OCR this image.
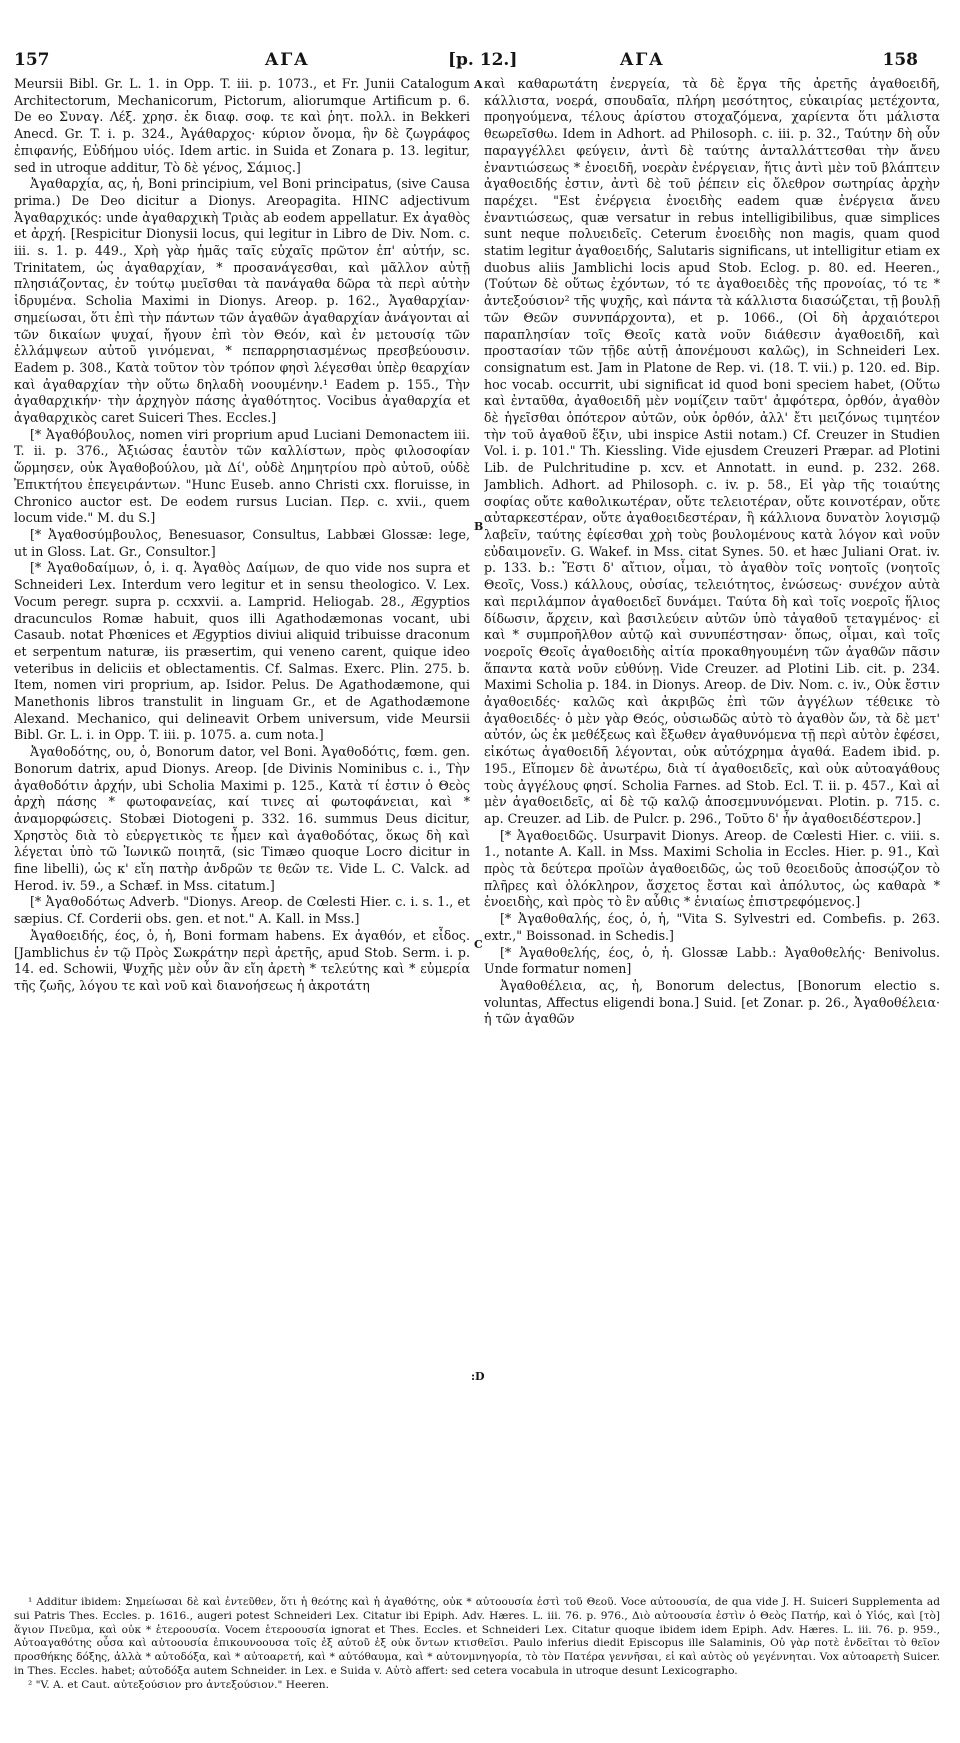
157	ΑΓΑ	[p. 12.]	ΑΓΑ	158

Meursii Bibl. Gr. L. 1. in Opp. T. iii. p. 1073., et Fr. Junii Catalogum Architectorum, Mechanicorum, Pictorum, aliorumque Artificum p. 6. De eo Συναγ. Λέξ. χρησ. ἐκ διαφ. σοφ. τε καὶ ῥητ. πολλ. in Bekkeri Anecd. Gr. T. i. p. 324., Ἀγάθαρχος· κύριον ὄνομα, ἣν δὲ ζωγράφος ἐπιφανής, Εὐδήμου υἱός. Idem artic. in Suida et Zonara p. 13. legitur, sed in utroque additur, Τὸ δὲ γένος, Σάμιος.]

Ἀγαθαρχία, ας, ἡ, Boni principium, vel Boni principatus, (sive Causa prima.) De Deo dicitur a Dionys. Areopagita. HINC adjectivum Ἀγαθαρχικός: unde ἀγαθαρχικὴ Τριὰς ab eodem appellatur. Ex ἀγαθὸς et ἀρχή. [Respicitur Dionysii locus, qui legitur in Libro de Div. Nom. c. iii. s. 1. p. 449., Χρὴ γὰρ ἡμᾶς ταῖς εὐχαῖς πρῶτον ἐπ' αὐτήν, sc. Trinitatem, ὡς ἀγαθαρχίαν, * προσανάγεσθαι, καὶ μᾶλλον αὐτῇ πλησιάζοντας, ἐν τούτῳ μυεῖσθαι τὰ πανάγαθα δῶρα τὰ περὶ αὐτὴν ἱδρυμένα. Scholia Maximi in Dionys. Areop. p. 162., Ἀγαθαρχίαν· σημείωσαι, ὅτι ἐπὶ τὴν πάντων τῶν ἀγαθῶν ἀγαθαρχίαν ἀνάγονται αἱ τῶν δικαίων ψυχαί, ἤγουν ἐπὶ τὸν Θεόν, καὶ ἐν μετουσίᾳ τῶν ἐλλάμψεων αὐτοῦ γινόμεναι, * πεπαρρησιασμένως πρεσβεύουσιν. Eadem p. 308., Κατὰ τοῦτον τὸν τρόπον φησὶ λέγεσθαι ὑπὲρ θεαρχίαν καὶ ἀγαθαρχίαν τὴν οὕτω δηλαδὴ νοουμένην.¹ Eadem p. 155., Τὴν ἀγαθαρχικήν· τὴν ἀρχηγὸν πάσης ἀγαθότητος. Vocibus ἀγαθαρχία et ἀγαθαρχικὸς caret Suiceri Thes. Eccles.]

[* Ἀγαθόβουλος, nomen viri proprium apud Luciani Demonactem iii. T. ii. p. 376., Ἀξιώσας ἑαυτὸν τῶν καλλίστων, πρὸς φιλοσοφίαν ὥρμησεν, οὐκ Ἀγαθοβούλου, μὰ Δί', οὐδὲ Δημητρίου πρὸ αὐτοῦ, οὐδὲ Ἐπικτήτου ἐπεγειράντων. "Hunc Euseb. anno Christi cxx. floruisse, in Chronico auctor est. De eodem rursus Lucian. Περ. c. xvii., quem locum vide." M. du S.]

[* Ἀγαθοσύμβουλος, Benesuasor, Consultus, Labbæi Glossæ: lege, ut in Gloss. Lat. Gr., Consultor.]

[* Ἀγαθοδαίμων, ὁ, i. q. Ἀγαθὸς Δαίμων, de quo vide nos supra et Schneideri Lex. Interdum vero legitur et in sensu theologico. V. Lex. Vocum peregr. supra p. ccxxvii. a. Lamprid. Heliogab. 28., Ægyptios dracunculos Romæ habuit, quos illi Agathodæmonas vocant, ubi Casaub. notat Phœnices et Ægyptios diviui aliquid tribuisse draconum et serpentum naturæ, iis præsertim, qui veneno carent, quique ideo veteribus in deliciis et oblectamentis. Cf. Salmas. Exerc. Plin. 275. b. Item, nomen viri proprium, ap. Isidor. Pelus. De Agathodæmone, qui Manethonis libros transtulit in linguam Gr., et de Agathodæmone Alexand. Mechanico, qui delineavit Orbem universum, vide Meursii Bibl. Gr. L. i. in Opp. T. iii. p. 1075. a. cum nota.]

Ἀγαθοδότης, ου, ὁ, Bonorum dator, vel Boni. Ἀγαθοδότις, fœm. gen. Bonorum datrix, apud Dionys. Areop. [de Divinis Nominibus c. i., Τὴν ἀγαθοδότιν ἀρχήν, ubi Scholia Maximi p. 125., Κατὰ τί ἐστιν ὁ Θεὸς ἀρχὴ πάσης * φωτοφανείας, καί τινες αἱ φωτοφάνειαι, καὶ * ἀναμορφώσεις. Stobæi Diotogeni p. 332. 16. summus Deus dicitur, Χρηστὸς διὰ τὸ εὐεργετικὸς τε ἦμεν καὶ ἀγαθοδότας, ὅκως δὴ καὶ λέγεται ὑπὸ τῶ Ἰωνικῶ ποιητᾶ, (sic Timæo quoque Locro dicitur in fine libelli), ὡς κ' εἴη πατὴρ ἀνδρῶν τε θεῶν τε. Vide L. C. Valck. ad Herod. iv. 59., a Schæf. in Mss. citatum.]

[* Ἀγαθοδότως Adverb. "Dionys. Areop. de Cœlesti Hier. c. i. s. 1., et sæpius. Cf. Corderii obs. gen. et not." A. Kall. in Mss.]

Ἀγαθοειδής, έος, ὁ, ἡ, Boni formam habens. Ex ἀγαθόν, et εἶδος. [Jamblichus ἐν τῷ Πρὸς Σωκράτην περὶ ἀρετῆς, apud Stob. Serm. i. p. 14. ed. Schowii, Ψυχῆς μὲν οὖν ἂν εἴη ἀρετὴ * τελεύτης καὶ * εὐμερία τῆς ζωῆς, λόγου τε καὶ νοῦ καὶ διανοήσεως ἡ ἀκροτάτη

A
B
C
:D

καὶ καθαρωτάτη ἐνεργεία, τὰ δὲ ἔργα τῆς ἀρετῆς ἀγαθοειδῆ, κάλλιστα, νοερά, σπουδαῖα, πλήρη μεσότητος, εὐκαιρίας μετέχοντα, προηγούμενα, τέλους ἀρίστου στοχαζόμενα, χαρίεντα ὅτι μάλιστα θεωρεῖσθω. Idem in Adhort. ad Philosoph. c. iii. p. 32., Ταύτην δὴ οὖν παραγγέλλει φεύγειν, ἀντὶ δὲ ταύτης ἀνταλλάττεσθαι τὴν ἄνευ ἐναντιώσεως * ἐνοειδῆ, νοερὰν ἐνέργειαν, ἥτις ἀντὶ μὲν τοῦ βλάπτειν ἀγαθοειδής ἐστιν, ἀντὶ δὲ τοῦ ῥέπειν εἰς ὄλεθρον σωτηρίας ἀρχὴν παρέχει. "Est ἐνέργεια ἐνοειδὴς eadem quæ ἐνέργεια ἄνευ ἐναντιώσεως, quæ versatur in rebus intelligibilibus, quæ simplices sunt neque πολυειδεῖς. Ceterum ἐνοειδὴς non magis, quam quod statim legitur ἀγαθοειδής, Salutaris significans, ut intelligitur etiam ex duobus aliis Jamblichi locis apud Stob. Eclog. p. 80. ed. Heeren., (Τούτων δὲ οὕτως ἐχόντων, τό τε ἀγαθοειδὲς τῆς προνοίας, τό τε * ἀντεξούσιον² τῆς ψυχῆς, καὶ πάντα τὰ κάλλιστα διασώζεται, τῇ βουλῇ τῶν Θεῶν συννπάρχοντα), et p. 1066., (Οἱ δὴ ἀρχαιότεροι παραπλησίαν τοῖς Θεοῖς κατὰ νοῦν διάθεσιν ἀγαθοειδῆ, καὶ προστασίαν τῶν τῇδε αὐτῇ ἀπονέμουσι καλῶς), in Schneideri Lex. consignatum est. Jam in Platone de Rep. vi. (18. T. vii.) p. 120. ed. Bip. hoc vocab. occurrit, ubi significat id quod boni speciem habet, (Οὕτω καὶ ἐνταῦθα, ἀγαθοειδῆ μὲν νομίζειν ταῦτ' ἀμφότερα, ὀρθόν, ἀγαθὸν δὲ ἡγεῖσθαι ὁπότερον αὐτῶν, οὐκ ὀρθόν, ἀλλ' ἔτι μειζόνως τιμητέον τὴν τοῦ ἀγαθοῦ ἕξιν, ubi inspice Astii notam.) Cf. Creuzer in Studien Vol. i. p. 101." Th. Kiessling. Vide ejusdem Creuzeri Præpar. ad Plotini Lib. de Pulchritudine p. xcv. et Annotatt. in eund. p. 232. 268. Jamblich. Adhort. ad Philosoph. c. iv. p. 58., Εἰ γὰρ τῆς τοιαύτης σοφίας οὔτε καθολικωτέραν, οὔτε τελειοτέραν, οὔτε κοινοτέραν, οὔτε αὐταρκεστέραν, οὔτε ἀγαθοειδεστέραν, ἢ κάλλιονα δυνατὸν λογισμῷ λαβεῖν, ταύτης ἐφίεσθαι χρὴ τοὺς βουλομένους κατὰ λόγον καὶ νοῦν εὐδαιμονεῖν. G. Wakef. in Mss. citat Synes. 50. et hæc Juliani Orat. iv. p. 133. b.: Ἔστι δ' αἴτιον, οἶμαι, τὸ ἀγαθὸν τοῖς νοητοῖς (νοητοῖς Θεοῖς, Voss.) κάλλους, οὐσίας, τελειότητος, ἑνώσεως· συνέχον αὐτὰ καὶ περιλάμπον ἀγαθοειδεῖ δυνάμει. Ταύτα δὴ καὶ τοῖς νοεροῖς ἥλιος δίδωσιν, ἄρχειν, καὶ βασιλεύειν αὐτῶν ὑπὸ τἀγαθοῦ τεταγμένος· εἰ καὶ * συμπροῆλθον αὐτῷ καὶ συνυπέστησαν· ὅπως, οἶμαι, καὶ τοῖς νοεροῖς Θεοῖς ἀγαθοειδὴς αἰτία προκαθηγουμένη τῶν ἀγαθῶν πᾶσιν ἅπαντα κατὰ νοῦν εὐθύνῃ. Vide Creuzer. ad Plotini Lib. cit. p. 234. Maximi Scholia p. 184. in Dionys. Areop. de Div. Nom. c. iv., Οὐκ ἔστιν ἀγαθοειδές· καλῶς καὶ ἀκριβῶς ἐπὶ τῶν ἀγγέλων τέθεικε τὸ ἀγαθοειδές· ὁ μὲν γὰρ Θεός, οὐσιωδῶς αὐτὸ τὸ ἀγαθὸν ὤν, τὰ δὲ μετ' αὐτόν, ὡς ἐκ μεθέξεως καὶ ἔξωθεν ἀγαθυνόμενα τῇ περὶ αὐτὸν ἐφέσει, εἰκότως ἀγαθοειδῆ λέγονται, οὐκ αὐτόχρημα ἀγαθά. Eadem ibid. p. 195., Εἴπομεν δὲ ἀνωτέρω, διὰ τί ἀγαθοειδεῖς, καὶ οὐκ αὐτοαγάθους τοὺς ἀγγέλους φησί. Scholia Farnes. ad Stob. Ecl. T. ii. p. 457., Καὶ αἱ μὲν ἀγαθοειδεῖς, αἱ δὲ τῷ καλῷ ἀποσεμνυνόμεναι. Plotin. p. 715. c. ap. Creuzer. ad Lib. de Pulcr. p. 296., Τοῦτο δ' ἦν ἀγαθοειδέστερον.]

[* Ἀγαθοειδῶς. Usurpavit Dionys. Areop. de Cœlesti Hier. c. viii. s. 1., notante A. Kall. in Mss. Maximi Scholia in Eccles. Hier. p. 91., Καὶ πρὸς τὰ δεύτερα προϊὼν ἀγαθοειδῶς, ὡς τοῦ θεοειδοῦς ἀποσῴζον τὸ πλῆρες καὶ ὁλόκληρον, ἄσχετος ἔσται καὶ ἀπόλυτος, ὡς καθαρὰ * ἐνοειδὴς, καὶ πρὸς τὸ ἓν αὖθις * ἐνιαίως ἐπιστρεφόμενος.]

[* Ἀγαθοθαλής, έος, ὁ, ἡ, "Vita S. Sylvestri ed. Combefis. p. 263. extr.," Boissonad. in Schedis.]

[* Ἀγαθοθελής, έος, ὁ, ἡ. Glossæ Labb.: Ἀγαθοθελής· Benivolus. Unde formatur nomen]

Ἀγαθοθέλεια, ας, ἡ, Bonorum delectus, [Bonorum electio s. voluntas, Affectus eligendi bona.] Suid. [et Zonar. p. 26., Ἀγαθοθέλεια· ἡ τῶν ἀγαθῶν

¹ Additur ibidem: Σημείωσαι δὲ καὶ ἐντεῦθεν, ὅτι ἡ θεότης καὶ ἡ ἀγαθότης, οὐκ * αὐτοουσία ἐστὶ τοῦ Θεοῦ. Voce αὐτοουσία, de qua vide J. H. Suiceri Supplementa ad sui Patris Thes. Eccles. p. 1616., augeri potest Schneideri Lex. Citatur ibi Epiph. Adv. Hæres. L. iii. 76. p. 976., Διὸ αὐτοουσία ἐστὶν ὁ Θεὸς Πατήρ, καὶ ὁ Υἱός, καὶ [τὸ] ἅγιον Πνεῦμα, καὶ οὐκ * ἑτεροουσία. Vocem ἑτεροουσία ignorat et Thes. Eccles. et Schneideri Lex. Citatur quoque ibidem idem Epiph. Adv. Hæres. L. iii. 76. p. 959., Αὐτοαγαθότης οὖσα καὶ αὐτοουσία ἐπικουνοουσα τοῖς ἐξ αὐτοῦ ἐξ οὐκ ὄντων κτισθεῖσι. Paulo inferius diedit Episcopus ille Salaminis, Οὐ γὰρ ποτὲ ἐνδεῖται τὸ θεῖον προσθήκης δόξης, ἀλλὰ * αὐτοδόξα, καὶ * αὐτοαρετή, καὶ * αὐτόθαυμα, καὶ * αὐτονμνηγορία, τὸ τὸν Πατέρα γεννῆσαι, εἰ καὶ αὐτὸς οὐ γεγέννηται. Vox αὐτοαρετὴ Suicer. in Thes. Eccles. habet; αὐτοδόξα autem Schneider. in Lex. e Suida v. Αὐτὸ affert: sed cetera vocabula in utroque desunt Lexicographo.

² "V. A. et Caut. αὐτεξούσιον pro ἀντεξούσιον." Heeren.
